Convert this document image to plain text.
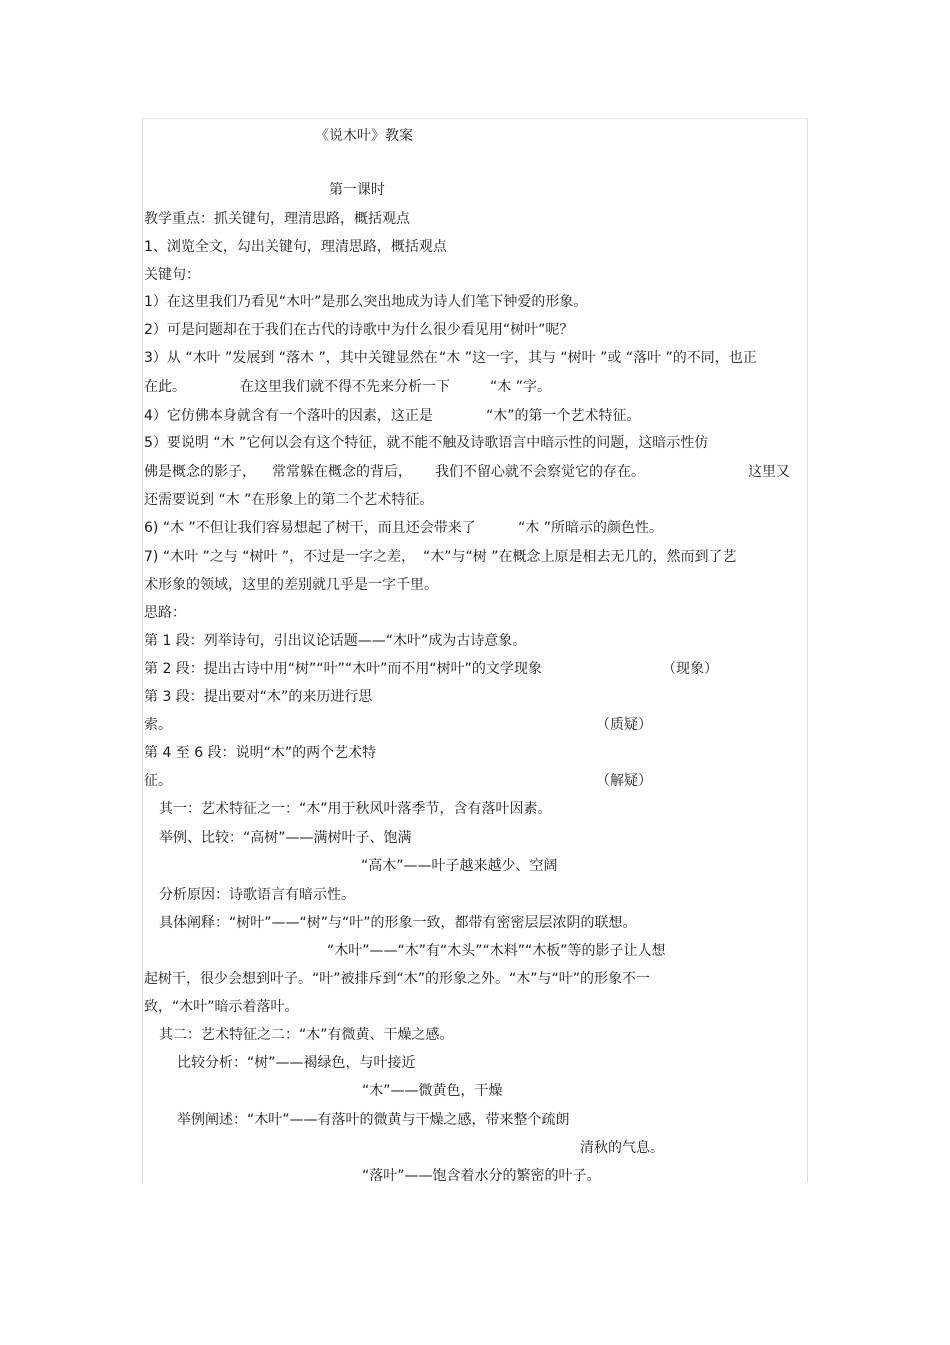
《说木叶》教案
第一课时
教学重点：抓关键句，理清思路，概括观点
1、浏览全文，勾出关键句，理清思路，概括观点
关键句：
1）在这里我们乃看见“木叶”是那么突出地成为诗人们笔下钟爱的形象。
2）可是问题却在于我们在古代的诗歌中为什么很少看见用“树叶”呢？
3）从 “木叶 ”发展到 “落木 ”，其中关键显然在 “木 ”这一字，其与 “树叶 ”或 “落叶 ”的不同，也正
在此。	在这里我们就不得不先来分析一下	“木 ”字。
4）它仿佛本身就含有一个落叶的因素，这正是	“木”的第一个艺术特征。
5）要说明 “木 ”它何以会有这个特征，就不能不触及诗歌语言中暗示性的问题，这暗示性仿
佛是概念的影子， 常常躲在概念的背后， 我们不留心就不会察觉它的存在。	这里又
还需要说到 “木 ”在形象上的第二个艺术特征。
6) “木 ”不但让我们容易想起了树干，而且还会带来了	“木 ”所暗示的颜色性。
7) “木叶 ”之与 “树叶 ”，不过是一字之差， “木”与“树 ”在概念上原是相去无几的，然而到了艺
术形象的领域，这里的差别就几乎是一字千里。
思路：
第 1 段：列举诗句，引出议论话题——“木叶”成为古诗意象。
第 2 段：提出古诗中用“树”“叶”“木叶”而不用“树叶”的文学现象	（现象）
第 3 段：提出要对“木”的来历进行思
索。	（质疑）
第 4 至 6 段：说明“木”的两个艺术特
征。	（解疑）
其一：艺术特征之一：“木”用于秋风叶落季节，含有落叶因素。
举例、比较：“高树”——满树叶子、饱满
“高木”——叶子越来越少、空阔
分析原因：诗歌语言有暗示性。
具体阐释：“树叶”——“树”与“叶”的形象一致，都带有密密层层浓阴的联想。
“木叶”——“木”有“木头”“木料”“木板”等的影子让人想
起树干，很少会想到叶子。“叶”被排斥到“木”的形象之外。“木”与“叶”的形象不一
致，“木叶”暗示着落叶。
其二：艺术特征之二：“木”有微黄、干燥之感。
比较分析：“树”——褐绿色，与叶接近
“木”——微黄色，干燥
举例阐述：“木叶”——有落叶的微黄与干燥之感，带来整个疏朗
清秋的气息。
“落叶”——饱含着水分的繁密的叶子。
